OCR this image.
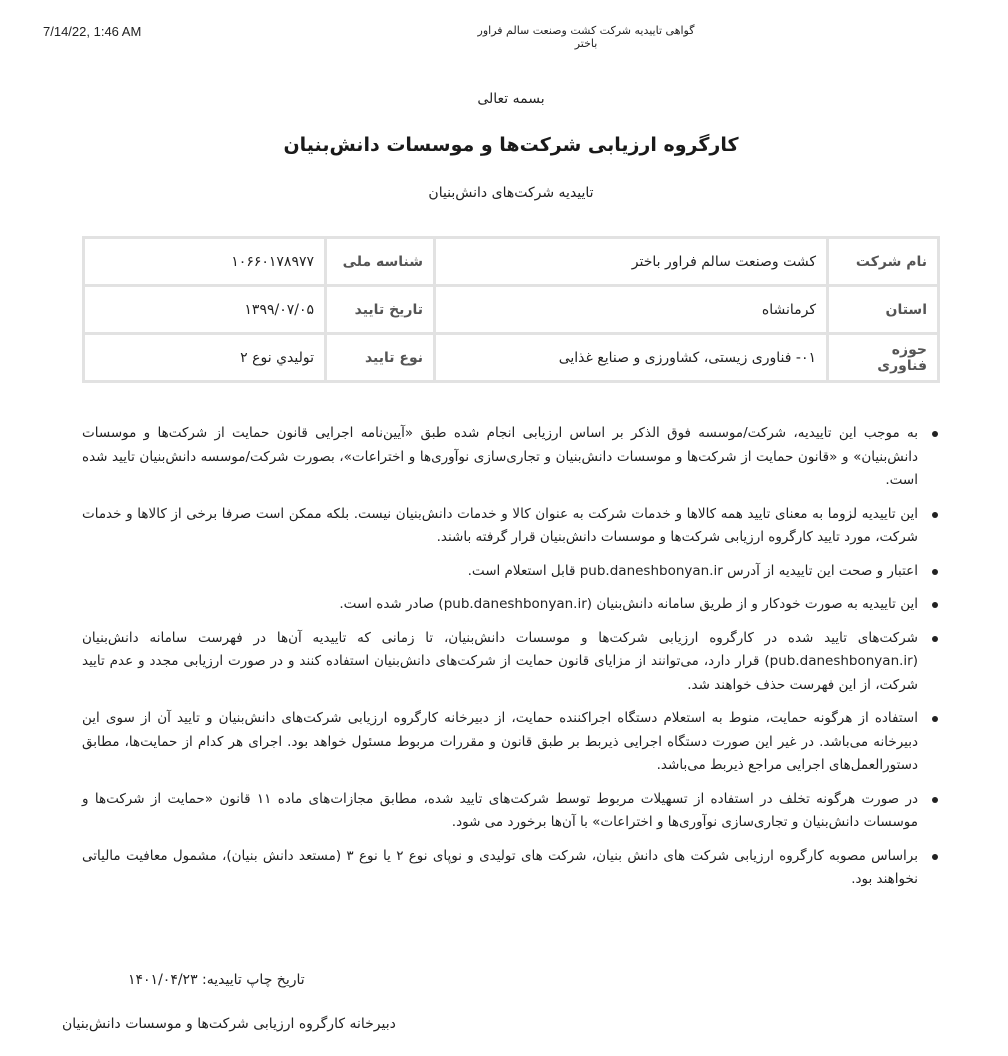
7/14/22, 1:46 AM	گواهی تاییدیه شرکت کشت وصنعت سالم فراور باختر
بسمه تعالی
کارگروه ارزیابی شرکت‌ها و موسسات دانش‌بنیان
تاییدیه شرکت‌های دانش‌بنیان
نام شرکت	کشت وصنعت سالم فراور باختر	شناسه ملی	۱۰۶۶۰۱۷۸۹۷۷
استان	کرمانشاه	تاریخ تایید	۱۳۹۹/۰۷/۰۵
حوزه فناوری	۰۱- فناوری زیستی، کشاورزی و صنایع غذایی	نوع تایید	توليدي نوع ۲
به موجب این تاییدیه، شرکت/موسسه فوق الذکر بر اساس ارزیابی انجام شده طبق «آیین‌نامه اجرایی قانون حمایت از شرکت‌ها و موسسات دانش‌بنیان» و «قانون حمایت از شرکت‌ها و موسسات دانش‌بنیان و تجاری‌سازی نوآوری‌ها و اختراعات»، بصورت شرکت/موسسه دانش‌بنیان تایید شده است.
این تاییدیه لزوما به معنای تایید همه کالاها و خدمات شرکت به عنوان کالا و خدمات دانش‌بنیان نیست. بلکه ممکن است صرفا برخی از کالاها و خدمات شرکت، مورد تایید کارگروه ارزیابی شرکت‌ها و موسسات دانش‌بنیان قرار گرفته باشند.
اعتبار و صحت این تاییدیه از آدرس pub.daneshbonyan.ir قابل استعلام است.
این تاییدیه به صورت خودکار و از طریق سامانه دانش‌بنیان (pub.daneshbonyan.ir) صادر شده است.
شرکت‌های تایید شده در کارگروه ارزیابی شرکت‌ها و موسسات دانش‌بنیان، تا زمانی که تاییدیه آن‌ها در فهرست سامانه دانش‌بنیان (pub.daneshbonyan.ir) قرار دارد، می‌توانند از مزایای قانون حمایت از شرکت‌های دانش‌بنیان استفاده کنند و در صورت ارزیابی مجدد و عدم تایید شرکت، از این فهرست حذف خواهند شد.
استفاده از هرگونه حمایت، منوط به استعلام دستگاه اجراکننده حمایت، از دبیرخانه کارگروه ارزیابی شرکت‌های دانش‌بنیان و تایید آن از سوی این دبیرخانه می‌باشد. در غیر این صورت دستگاه اجرایی ذیربط بر طبق قانون و مقررات مربوط مسئول خواهد بود. اجرای هر کدام از حمایت‌ها، مطابق دستورالعمل‌های اجرایی مراجع ذیربط می‌باشد.
در صورت هرگونه تخلف در استفاده از تسهیلات مربوط توسط شرکت‌های تایید شده، مطابق مجازات‌های ماده ۱۱ قانون «حمایت از شرکت‌ها و موسسات دانش‌بنیان و تجاری‌سازی نوآوری‌ها و اختراعات» با آن‌ها برخورد می شود.
براساس مصوبه کارگروه ارزیابی شرکت های دانش بنیان، شرکت های تولیدی و نوپای نوع ۲ یا نوع ۳ (مستعد دانش بنیان)، مشمول معافیت مالیاتی نخواهند بود.
تاریخ چاپ تاییدیه: ۱۴۰۱/۰۴/۲۳
دبیرخانه کارگروه ارزیابی شرکت‌ها و موسسات دانش‌بنیان
